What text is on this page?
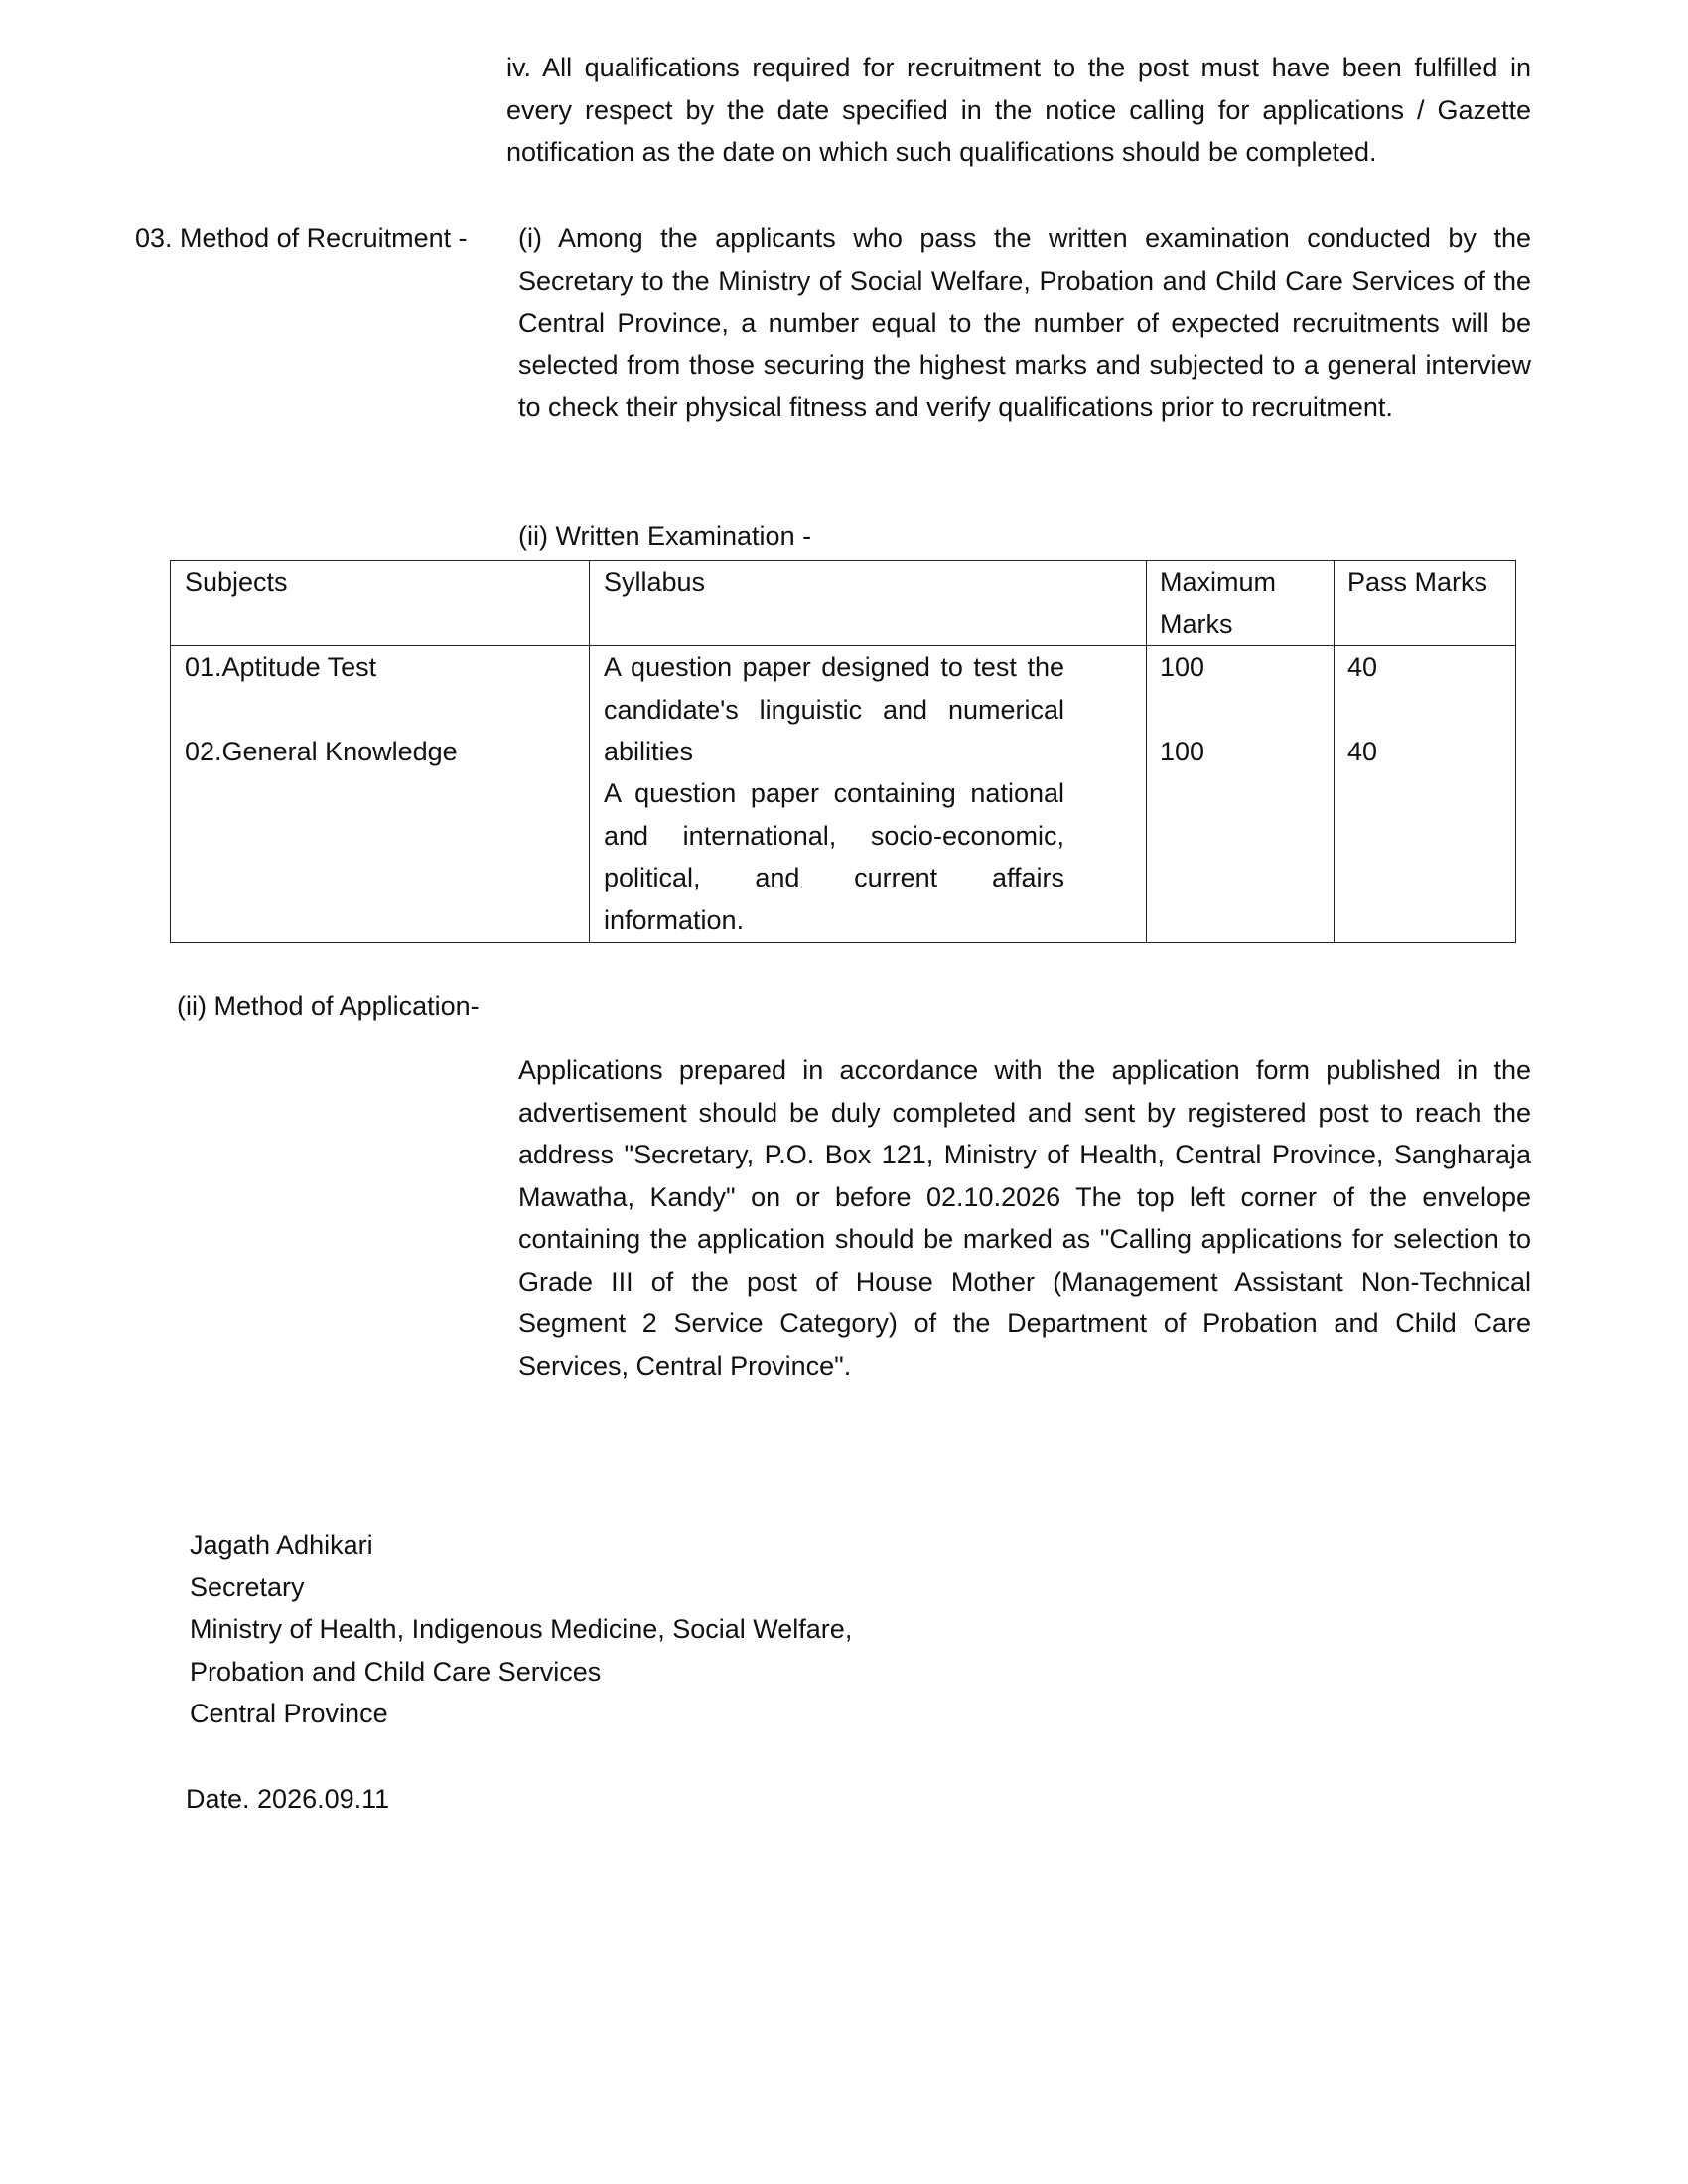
iv. All qualifications required for recruitment to the post must have been fulfilled in every respect by the date specified in the notice calling for applications / Gazette notification as the date on which such qualifications should be completed.
03. Method of Recruitment - (i) Among the applicants who pass the written examination conducted by the Secretary to the Ministry of Social Welfare, Probation and Child Care Services of the Central Province, a number equal to the number of expected recruitments will be selected from those securing the highest marks and subjected to a general interview to check their physical fitness and verify qualifications prior to recruitment.
(ii) Written Examination -
Subjects	Syllabus	Maximum
Marks
Pass Marks
01.Aptitude Test
02.General Knowledge
A question paper designed to test the candidate's linguistic and numerical abilities
A question paper containing national and international, socio-economic, political, and current affairs information.
100
100
40
40
(ii) Method of Application-
Applications prepared in accordance with the application form published in the advertisement should be duly completed and sent by registered post to reach the address "Secretary, P.O. Box 121, Ministry of Health, Central Province, Sangharaja Mawatha, Kandy" on or before 02.10.2026 The top left corner of the envelope containing the application should be marked as "Calling applications for selection to Grade III of the post of House Mother (Management Assistant Non-Technical Segment 2 Service Category) of the Department of Probation and Child Care Services, Central Province".
Jagath Adhikari
Secretary
Ministry of Health, Indigenous Medicine, Social Welfare,
Probation and Child Care Services
Central Province
Date. 2026.09.11
